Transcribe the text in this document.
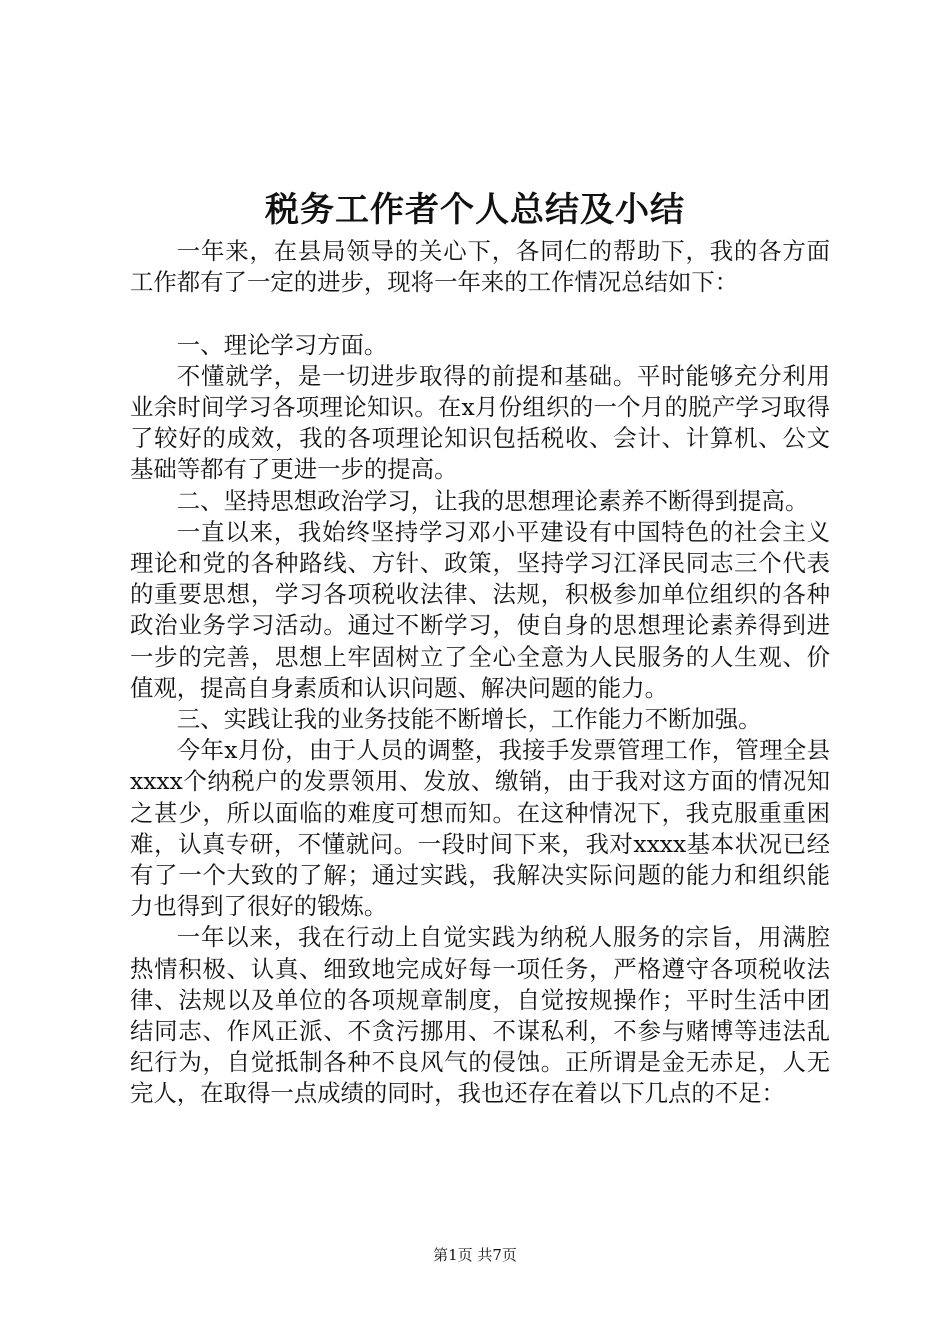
税务工作者个人总结及小结

一年来，在县局领导的关心下，各同仁的帮助下，我的各方面工作都有了一定的进步，现将一年来的工作情况总结如下：

一、理论学习方面。

不懂就学，是一切进步取得的前提和基础。平时能够充分利用业余时间学习各项理论知识。在x月份组织的一个月的脱产学习取得了较好的成效，我的各项理论知识包括税收、会计、计算机、公文基础等都有了更进一步的提高。

二、坚持思想政治学习，让我的思想理论素养不断得到提高。

一直以来，我始终坚持学习邓小平建设有中国特色的社会主义理论和党的各种路线、方针、政策，坚持学习江泽民同志三个代表的重要思想，学习各项税收法律、法规，积极参加单位组织的各种政治业务学习活动。通过不断学习，使自身的思想理论素养得到进一步的完善，思想上牢固树立了全心全意为人民服务的人生观、价值观，提高自身素质和认识问题、解决问题的能力。

三、实践让我的业务技能不断增长，工作能力不断加强。

今年x月份，由于人员的调整，我接手发票管理工作，管理全县xxxx个纳税户的发票领用、发放、缴销，由于我对这方面的情况知之甚少，所以面临的难度可想而知。在这种情况下，我克服重重困难，认真专研，不懂就问。一段时间下来，我对xxxx基本状况已经有了一个大致的了解；通过实践，我解决实际问题的能力和组织能力也得到了很好的锻炼。

一年以来，我在行动上自觉实践为纳税人服务的宗旨，用满腔热情积极、认真、细致地完成好每一项任务，严格遵守各项税收法律、法规以及单位的各项规章制度，自觉按规操作；平时生活中团结同志、作风正派、不贪污挪用、不谋私利，不参与赌博等违法乱纪行为，自觉抵制各种不良风气的侵蚀。正所谓是金无赤足，人无完人，在取得一点成绩的同时，我也还存在着以下几点的不足：

第1页 共7页
